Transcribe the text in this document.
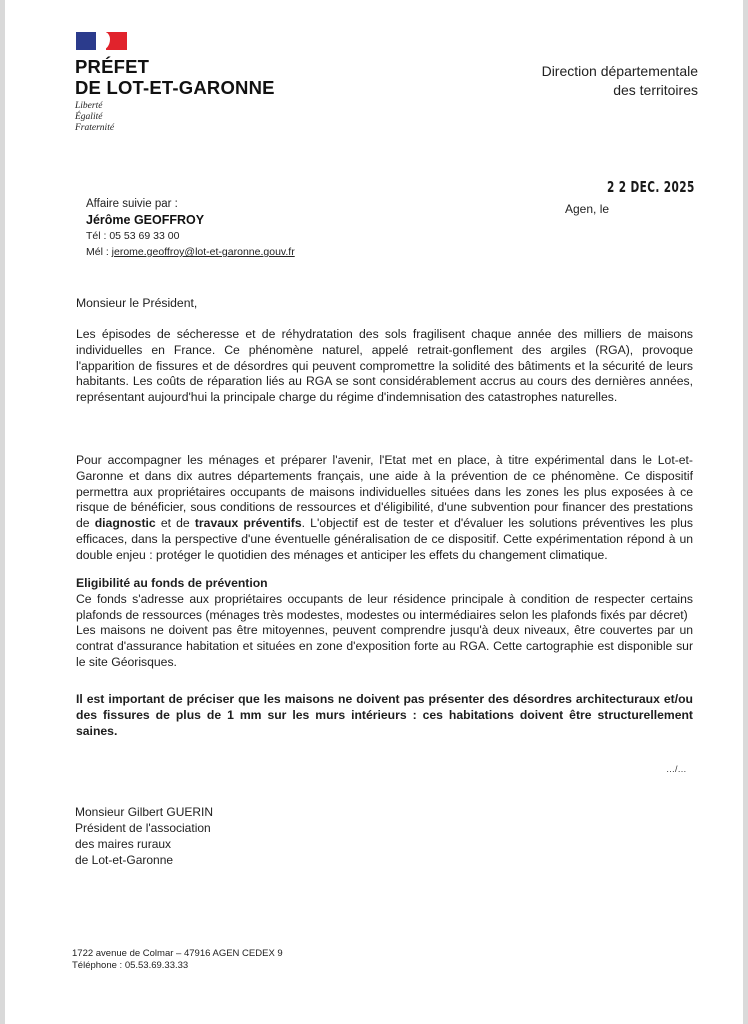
PRÉFET
DE LOT-ET-GARONNE
Liberté
Égalité
Fraternité
Direction départementale
des territoires
2 2 DEC. 2025
Agen, le
Affaire suivie par :
Jérôme GEOFFROY
Tél : 05 53 69 33 00
Mél : jerome.geoffroy@lot-et-garonne.gouv.fr
Monsieur le Président,
Les épisodes de sécheresse et de réhydratation des sols fragilisent chaque année des milliers de maisons individuelles en France. Ce phénomène naturel, appelé retrait-gonflement des argiles (RGA), provoque l'apparition de fissures et de désordres qui peuvent compromettre la solidité des bâtiments et la sécurité de leurs habitants. Les coûts de réparation liés au RGA se sont considérablement accrus au cours des dernières années, représentant aujourd'hui la principale charge du régime d'indemnisation des catastrophes naturelles.
Pour accompagner les ménages et préparer l'avenir, l'Etat met en place, à titre expérimental dans le Lot-et-Garonne et dans dix autres départements français, une aide à la prévention de ce phénomène. Ce dispositif permettra aux propriétaires occupants de maisons individuelles situées dans les zones les plus exposées à ce risque de bénéficier, sous conditions de ressources et d'éligibilité, d'une subvention pour financer des prestations de diagnostic et de travaux préventifs. L'objectif est de tester et d'évaluer les solutions préventives les plus efficaces, dans la perspective d'une éventuelle généralisation de ce dispositif. Cette expérimentation répond à un double enjeu : protéger le quotidien des ménages et anticiper les effets du changement climatique.
Eligibilité au fonds de prévention
Ce fonds s'adresse aux propriétaires occupants de leur résidence principale à condition de respecter certains plafonds de ressources (ménages très modestes, modestes ou intermédiaires selon les plafonds fixés par décret)
Les maisons ne doivent pas être mitoyennes, peuvent comprendre jusqu'à deux niveaux, être couvertes par un contrat d'assurance habitation et situées en zone d'exposition forte au RGA. Cette cartographie est disponible sur le site Géorisques.
Il est important de préciser que les maisons ne doivent pas présenter des désordres architecturaux et/ou des fissures de plus de 1 mm sur les murs intérieurs : ces habitations doivent être structurellement saines.
…/…
Monsieur Gilbert GUERIN
Président de l'association
des maires ruraux
de Lot-et-Garonne
1722 avenue de Colmar – 47916 AGEN CEDEX 9
Téléphone : 05.53.69.33.33
